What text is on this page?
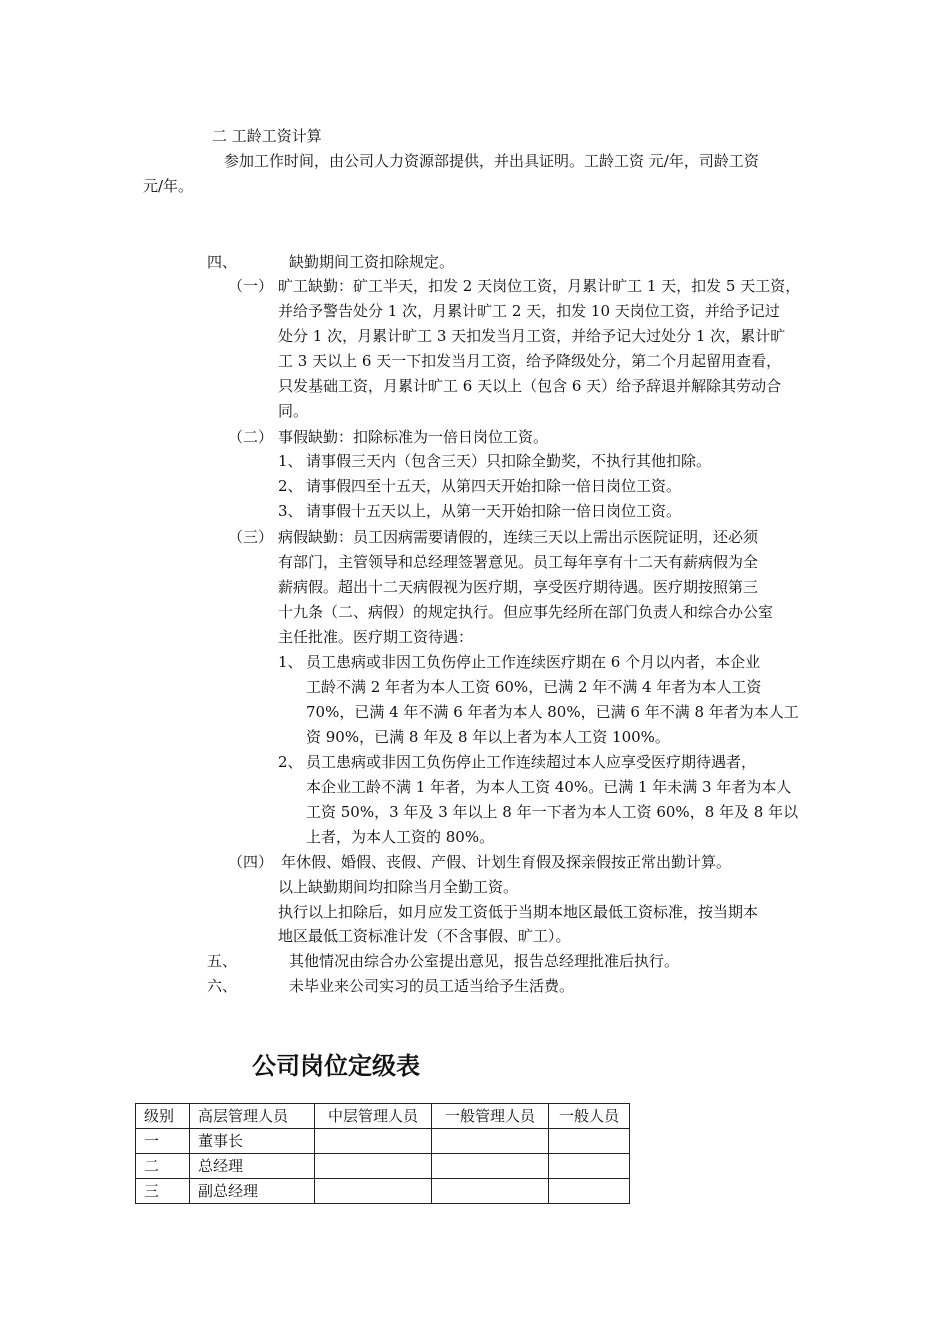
二 工龄工资计算
参加工作时间，由公司人力资源部提供，并出具证明。工龄工资 元/年，司龄工资
元/年。
四、	缺勤期间工资扣除规定。
（一） 旷工缺勤：矿工半天，扣发 2 天岗位工资，月累计旷工 1 天，扣发 5 天工资，
并给予警告处分 1 次，月累计旷工 2 天，扣发 10 天岗位工资，并给予记过
处分 1 次，月累计旷工 3 天扣发当月工资，并给予记大过处分 1 次，累计旷
工 3 天以上 6 天一下扣发当月工资，给予降级处分，第二个月起留用查看，
只发基础工资，月累计旷工 6 天以上（包含 6 天）给予辞退并解除其劳动合
同。
（二） 事假缺勤：扣除标准为一倍日岗位工资。
1、 请事假三天内（包含三天）只扣除全勤奖，不执行其他扣除。
2、 请事假四至十五天，从第四天开始扣除一倍日岗位工资。
3、 请事假十五天以上，从第一天开始扣除一倍日岗位工资。
（三） 病假缺勤：员工因病需要请假的，连续三天以上需出示医院证明，还必须
有部门，主管领导和总经理签署意见。员工每年享有十二天有薪病假为全
薪病假。超出十二天病假视为医疗期，享受医疗期待遇。医疗期按照第三
十九条（二、病假）的规定执行。但应事先经所在部门负责人和综合办公室
主任批准。医疗期工资待遇：
1、 员工患病或非因工负伤停止工作连续医疗期在 6 个月以内者，本企业
工龄不满 2 年者为本人工资 60%，已满 2 年不满 4 年者为本人工资
70%，已满 4 年不满 6 年者为本人 80%，已满 6 年不满 8 年者为本人工
资 90%，已满 8 年及 8 年以上者为本人工资 100%。
2、 员工患病或非因工负伤停止工作连续超过本人应享受医疗期待遇者，
本企业工龄不满 1 年者，为本人工资 40%。已满 1 年未满 3 年者为本人
工资 50%，3 年及 3 年以上 8 年一下者为本人工资 60%，8 年及 8 年以
上者，为本人工资的 80%。
（四） 年休假、婚假、丧假、产假、计划生育假及探亲假按正常出勤计算。
以上缺勤期间均扣除当月全勤工资。
执行以上扣除后，如月应发工资低于当期本地区最低工资标准，按当期本
地区最低工资标准计发（不含事假、旷工）。
五、	其他情况由综合办公室提出意见，报告总经理批准后执行。
六、	未毕业来公司实习的员工适当给予生活费。
公司岗位定级表
级别	高层管理人员	中层管理人员	一般管理人员	一般人员
一	董事长			
二	总经理			
三	副总经理			
